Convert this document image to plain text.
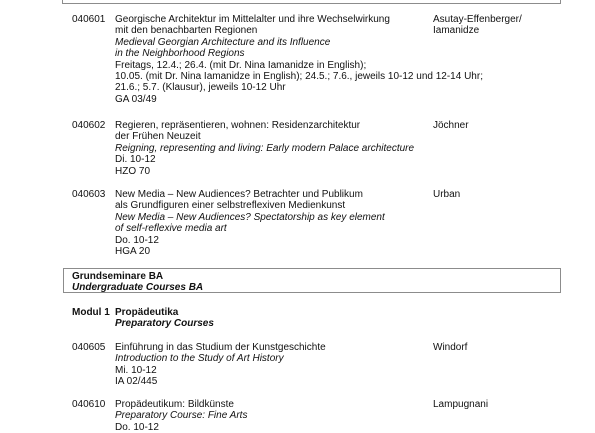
040601 Georgische Architektur im Mittelalter und ihre Wechselwirkung
mit den benachbarten Regionen
Medieval Georgian Architecture and its Influence
in the Neighborhood Regions
Freitags, 12.4.; 26.4. (mit Dr. Nina Iamanidze in English);
10.05. (mit Dr. Nina Iamanidze in English); 24.5.; 7.6., jeweils 10-12 und 12-14 Uhr;
21.6.; 5.7. (Klausur), jeweils 10-12 Uhr
GA 03/49
Asutay-Effenberger/
Iamanidze
040602 Regieren, repräsentieren, wohnen: Residenzarchitektur
der Frühen Neuzeit
Reigning, representing and living: Early modern Palace architecture
Di. 10-12
HZO 70
Jöchner
040603 New Media – New Audiences? Betrachter und Publikum
als Grundfiguren einer selbstreflexiven Medienkunst
New Media – New Audiences? Spectatorship as key element
of self-reflexive media art
Do. 10-12
HGA 20
Urban
Grundseminare BA
Undergraduate Courses BA
Modul 1 Propädeutika
Preparatory Courses
040605 Einführung in das Studium der Kunstgeschichte
Introduction to the Study of Art History
Mi. 10-12
IA 02/445
Windorf
040610 Propädeutikum: Bildkünste
Preparatory Course: Fine Arts
Do. 10-12
Lampugnani
